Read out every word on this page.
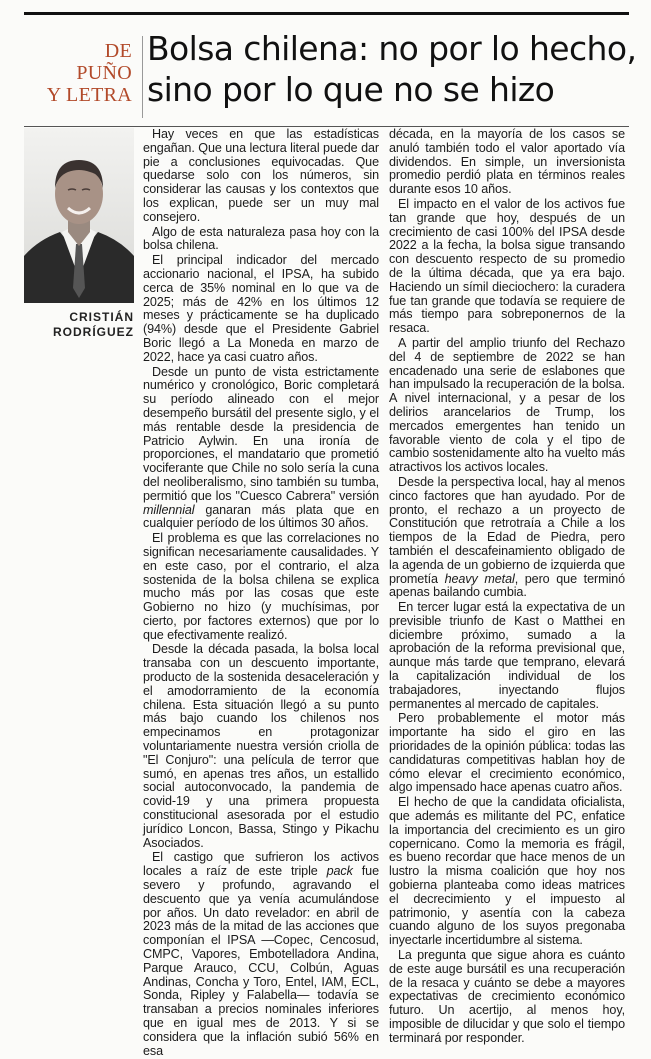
DE
PUÑO
Y LETRA
Bolsa chilena: no por lo hecho, sino por lo que no se hizo
CRISTIÁN
RODRÍGUEZ

Hay veces en que las estadísticas engañan. Que una lectura literal puede dar pie a conclusiones equivocadas. Que quedarse solo con los números, sin considerar las causas y los contextos que los explican, puede ser un muy mal consejero.

Algo de esta naturaleza pasa hoy con la bolsa chilena.

El principal indicador del mercado accionario nacional, el IPSA, ha subido cerca de 35% nominal en lo que va de 2025; más de 42% en los últimos 12 meses y prácticamente se ha duplicado (94%) desde que el Presidente Gabriel Boric llegó a La Moneda en marzo de 2022, hace ya casi cuatro años.

Desde un punto de vista estrictamente numérico y cronológico, Boric completará su período alineado con el mejor desempeño bursátil del presente siglo, y el más rentable desde la presidencia de Patricio Aylwin. En una ironía de proporciones, el mandatario que prometió vociferante que Chile no solo sería la cuna del neoliberalismo, sino también su tumba, permitió que los "Cuesco Cabrera" versión millennial ganaran más plata que en cualquier período de los últimos 30 años.

El problema es que las correlaciones no significan necesariamente causalidades. Y en este caso, por el contrario, el alza sostenida de la bolsa chilena se explica mucho más por las cosas que este Gobierno no hizo (y muchísimas, por cierto, por factores externos) que por lo que efectivamente realizó.

Desde la década pasada, la bolsa local transaba con un descuento importante, producto de la sostenida desaceleración y el amodorramiento de la economía chilena. Esta situación llegó a su punto más bajo cuando los chilenos nos empecinamos en protagonizar voluntariamente nuestra versión criolla de "El Conjuro": una película de terror que sumó, en apenas tres años, un estallido social autoconvocado, la pandemia de covid-19 y una primera propuesta constitucional asesorada por el estudio jurídico Loncon, Bassa, Stingo y Pikachu Asociados.

El castigo que sufrieron los activos locales a raíz de este triple pack fue severo y profundo, agravando el descuento que ya venía acumulándose por años. Un dato revelador: en abril de 2023 más de la mitad de las acciones que componían el IPSA —Copec, Cencosud, CMPC, Vapores, Embotelladora Andina, Parque Arauco, CCU, Colbún, Aguas Andinas, Concha y Toro, Entel, IAM, ECL, Sonda, Ripley y Falabella— todavía se transaban a precios nominales inferiores que en igual mes de 2013. Y si se considera que la inflación subió 56% en esa

década, en la mayoría de los casos se anuló también todo el valor aportado vía dividendos. En simple, un inversionista promedio perdió plata en términos reales durante esos 10 años.

El impacto en el valor de los activos fue tan grande que hoy, después de un crecimiento de casi 100% del IPSA desde 2022 a la fecha, la bolsa sigue transando con descuento respecto de su promedio de la última década, que ya era bajo. Haciendo un símil dieciochero: la curadera fue tan grande que todavía se requiere de más tiempo para sobreponernos de la resaca.

A partir del amplio triunfo del Rechazo del 4 de septiembre de 2022 se han encadenado una serie de eslabones que han impulsado la recuperación de la bolsa. A nivel internacional, y a pesar de los delirios arancelarios de Trump, los mercados emergentes han tenido un favorable viento de cola y el tipo de cambio sostenidamente alto ha vuelto más atractivos los activos locales.

Desde la perspectiva local, hay al menos cinco factores que han ayudado. Por de pronto, el rechazo a un proyecto de Constitución que retrotraía a Chile a los tiempos de la Edad de Piedra, pero también el descafeinamiento obligado de la agenda de un gobierno de izquierda que prometía heavy metal, pero que terminó apenas bailando cumbia.

En tercer lugar está la expectativa de un previsible triunfo de Kast o Matthei en diciembre próximo, sumado a la aprobación de la reforma previsional que, aunque más tarde que temprano, elevará la capitalización individual de los trabajadores, inyectando flujos permanentes al mercado de capitales.

Pero probablemente el motor más importante ha sido el giro en las prioridades de la opinión pública: todas las candidaturas competitivas hablan hoy de cómo elevar el crecimiento económico, algo impensado hace apenas cuatro años.

El hecho de que la candidata oficialista, que además es militante del PC, enfatice la importancia del crecimiento es un giro copernicano. Como la memoria es frágil, es bueno recordar que hace menos de un lustro la misma coalición que hoy nos gobierna planteaba como ideas matrices el decrecimiento y el impuesto al patrimonio, y asentía con la cabeza cuando alguno de los suyos pregonaba inyectarle incertidumbre al sistema.

La pregunta que sigue ahora es cuánto de este auge bursátil es una recuperación de la resaca y cuánto se debe a mayores expectativas de crecimiento económico futuro. Un acertijo, al menos hoy, imposible de dilucidar y que solo el tiempo terminará por responder.
